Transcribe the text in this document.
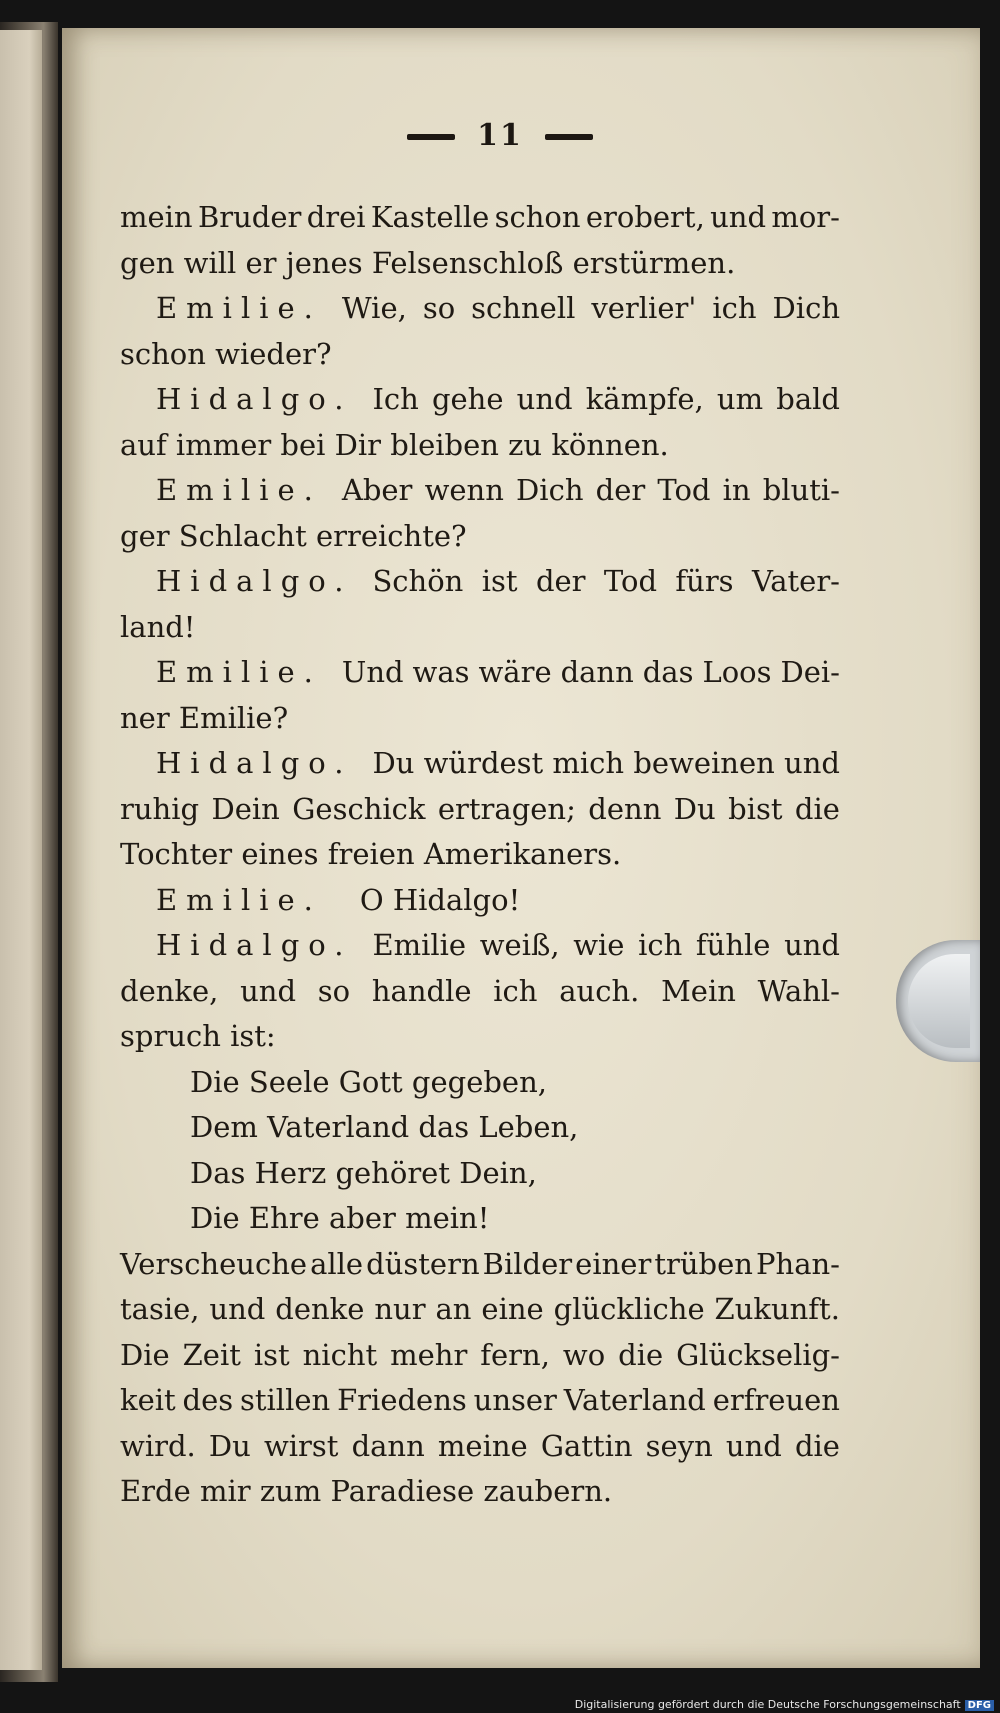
11
mein Bruder drei Kastelle schon erobert, und mor-
gen will er jenes Felsenschloß erstürmen.
Emilie. Wie, so schnell verlier' ich Dich
schon wieder?
Hidalgo. Ich gehe und kämpfe, um bald
auf immer bei Dir bleiben zu können.
Emilie. Aber wenn Dich der Tod in bluti-
ger Schlacht erreichte?
Hidalgo. Schön ist der Tod fürs Vater-
land!
Emilie. Und was wäre dann das Loos Dei-
ner Emilie?
Hidalgo. Du würdest mich beweinen und
ruhig Dein Geschick ertragen; denn Du bist die
Tochter eines freien Amerikaners.
Emilie. O Hidalgo!
Hidalgo. Emilie weiß, wie ich fühle und
denke, und so handle ich auch. Mein Wahl-
spruch ist:
Die Seele Gott gegeben,
Dem Vaterland das Leben,
Das Herz gehöret Dein,
Die Ehre aber mein!
Verscheuche alle düstern Bilder einer trüben Phan-
tasie, und denke nur an eine glückliche Zukunft.
Die Zeit ist nicht mehr fern, wo die Glückselig-
keit des stillen Friedens unser Vaterland erfreuen
wird. Du wirst dann meine Gattin seyn und die
Erde mir zum Paradiese zaubern.
Digitalisierung gefördert durch die Deutsche Forschungsgemeinschaft DFG
